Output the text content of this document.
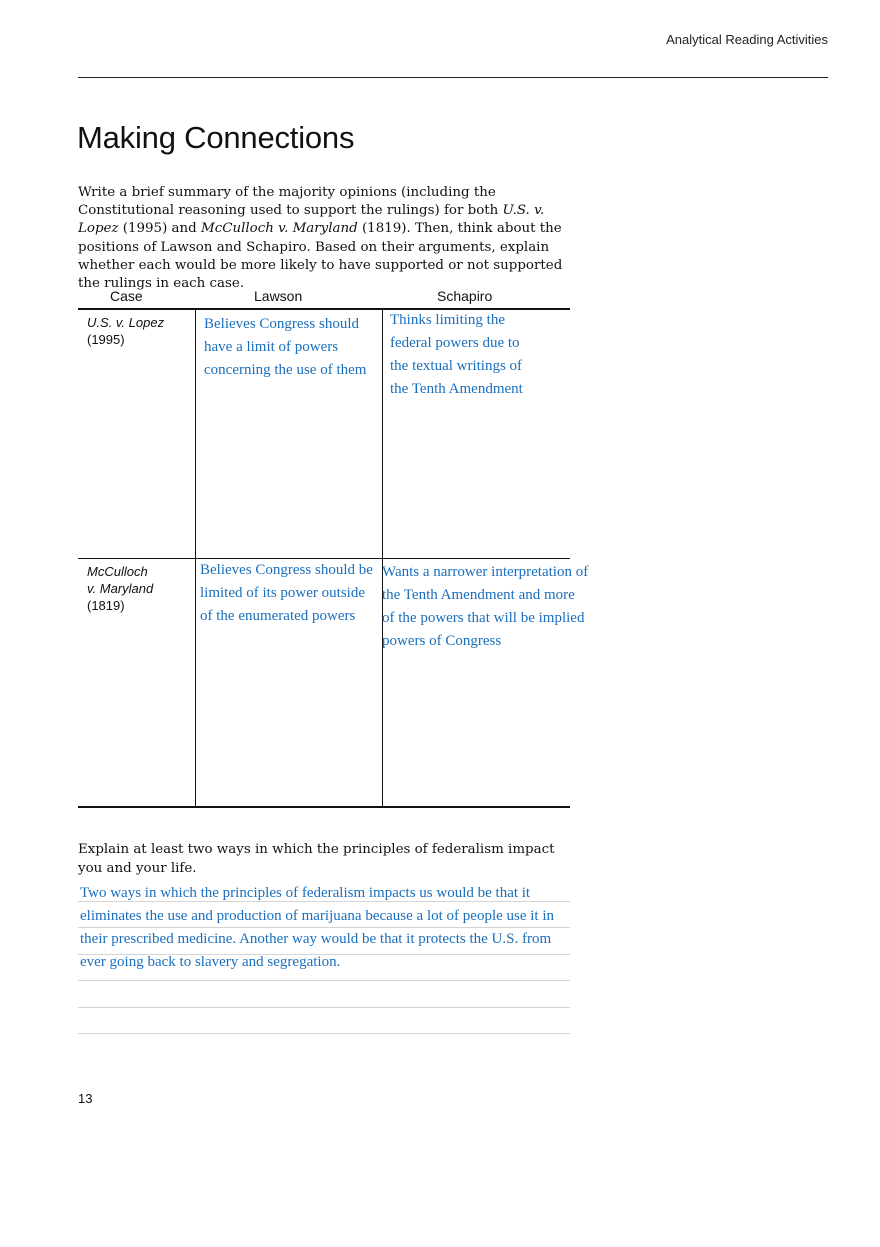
Analytical Reading Activities
Making Connections

Write a brief summary of the majority opinions (including the Constitutional reasoning used to support the rulings) for both U.S. v. Lopez (1995) and McCulloch v. Maryland (1819). Then, think about the positions of Lawson and Schapiro. Based on their arguments, explain whether each would be more likely to have supported or not supported the rulings in each case.

Case	Lawson	Schapiro
U.S. v. Lopez
(1995)
Believes Congress should
have a limit of powers
concerning the use of them
Thinks limiting the
federal powers due to
the textual writings of
the Tenth Amendment
McCulloch
v. Maryland
(1819)
Believes Congress should be
limited of its power outside
of the enumerated powers
Wants a narrower interpretation of
the Tenth Amendment and more
of the powers that will be implied
powers of Congress

Explain at least two ways in which the principles of federalism impact you and your life.

Two ways in which the principles of federalism impacts us would be that it
eliminates the use and production of marijuana because a lot of people use it in
their prescribed medicine. Another way would be that it protects the U.S. from
ever going back to slavery and segregation.
13
